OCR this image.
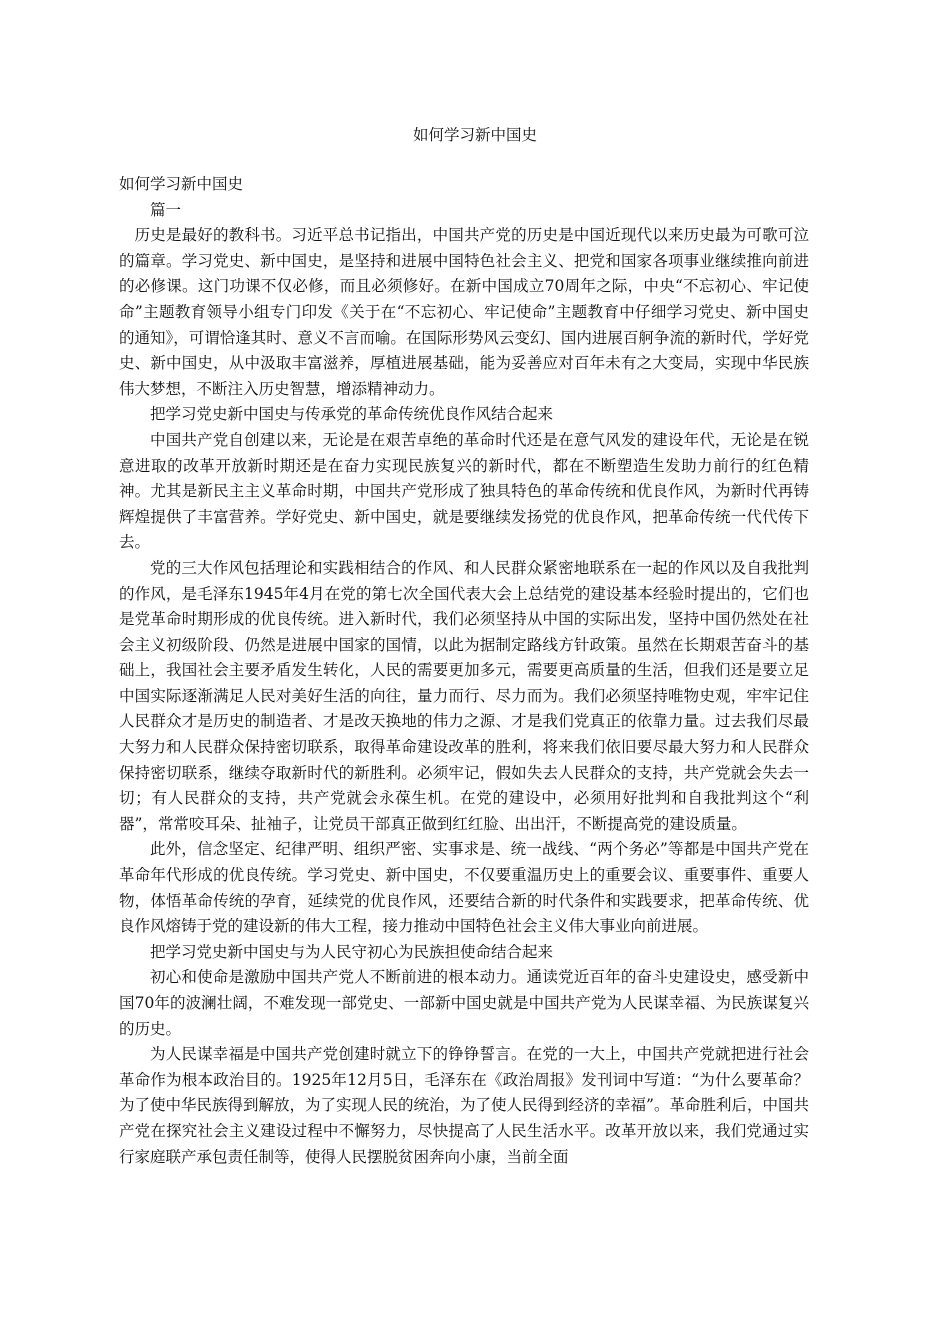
如何学习新中国史

如何学习新中国史

篇一

历史是最好的教科书。习近平总书记指出，中国共产党的历史是中国近现代以来历史最为可歌可泣的篇章。学习党史、新中国史，是坚持和进展中国特色社会主义、把党和国家各项事业继续推向前进的必修课。这门功课不仅必修，而且必须修好。在新中国成立70周年之际，中央“不忘初心、牢记使命”主题教育领导小组专门印发《关于在“不忘初心、牢记使命”主题教育中仔细学习党史、新中国史的通知》，可谓恰逢其时、意义不言而喻。在国际形势风云变幻、国内进展百舸争流的新时代，学好党史、新中国史，从中汲取丰富滋养，厚植进展基础，能为妥善应对百年未有之大变局，实现中华民族伟大梦想，不断注入历史智慧，增添精神动力。

把学习党史新中国史与传承党的革命传统优良作风结合起来

中国共产党自创建以来，无论是在艰苦卓绝的革命时代还是在意气风发的建设年代，无论是在锐意进取的改革开放新时期还是在奋力实现民族复兴的新时代，都在不断塑造生发助力前行的红色精神。尤其是新民主主义革命时期，中国共产党形成了独具特色的革命传统和优良作风，为新时代再铸辉煌提供了丰富营养。学好党史、新中国史，就是要继续发扬党的优良作风，把革命传统一代代传下去。

党的三大作风包括理论和实践相结合的作风、和人民群众紧密地联系在一起的作风以及自我批判的作风，是毛泽东1945年4月在党的第七次全国代表大会上总结党的建设基本经验时提出的，它们也是党革命时期形成的优良传统。进入新时代，我们必须坚持从中国的实际出发，坚持中国仍然处在社会主义初级阶段、仍然是进展中国家的国情，以此为据制定路线方针政策。虽然在长期艰苦奋斗的基础上，我国社会主要矛盾发生转化，人民的需要更加多元，需要更高质量的生活，但我们还是要立足中国实际逐渐满足人民对美好生活的向往，量力而行、尽力而为。我们必须坚持唯物史观，牢牢记住人民群众才是历史的制造者、才是改天换地的伟力之源、才是我们党真正的依靠力量。过去我们尽最大努力和人民群众保持密切联系，取得革命建设改革的胜利，将来我们依旧要尽最大努力和人民群众保持密切联系，继续夺取新时代的新胜利。必须牢记，假如失去人民群众的支持，共产党就会失去一切；有人民群众的支持，共产党就会永葆生机。在党的建设中，必须用好批判和自我批判这个“利器”，常常咬耳朵、扯袖子，让党员干部真正做到红红脸、出出汗，不断提高党的建设质量。

此外，信念坚定、纪律严明、组织严密、实事求是、统一战线、“两个务必”等都是中国共产党在革命年代形成的优良传统。学习党史、新中国史，不仅要重温历史上的重要会议、重要事件、重要人物，体悟革命传统的孕育，延续党的优良作风，还要结合新的时代条件和实践要求，把革命传统、优良作风熔铸于党的建设新的伟大工程，接力推动中国特色社会主义伟大事业向前进展。

把学习党史新中国史与为人民守初心为民族担使命结合起来

初心和使命是激励中国共产党人不断前进的根本动力。通读党近百年的奋斗史建设史，感受新中国70年的波澜壮阔，不难发现一部党史、一部新中国史就是中国共产党为人民谋幸福、为民族谋复兴的历史。

为人民谋幸福是中国共产党创建时就立下的铮铮誓言。在党的一大上，中国共产党就把进行社会革命作为根本政治目的。1925年12月5日，毛泽东在《政治周报》发刊词中写道：“为什么要革命？为了使中华民族得到解放，为了实现人民的统治，为了使人民得到经济的幸福”。革命胜利后，中国共产党在探究社会主义建设过程中不懈努力，尽快提高了人民生活水平。改革开放以来，我们党通过实行家庭联产承包责任制等，使得人民摆脱贫困奔向小康，当前全面
